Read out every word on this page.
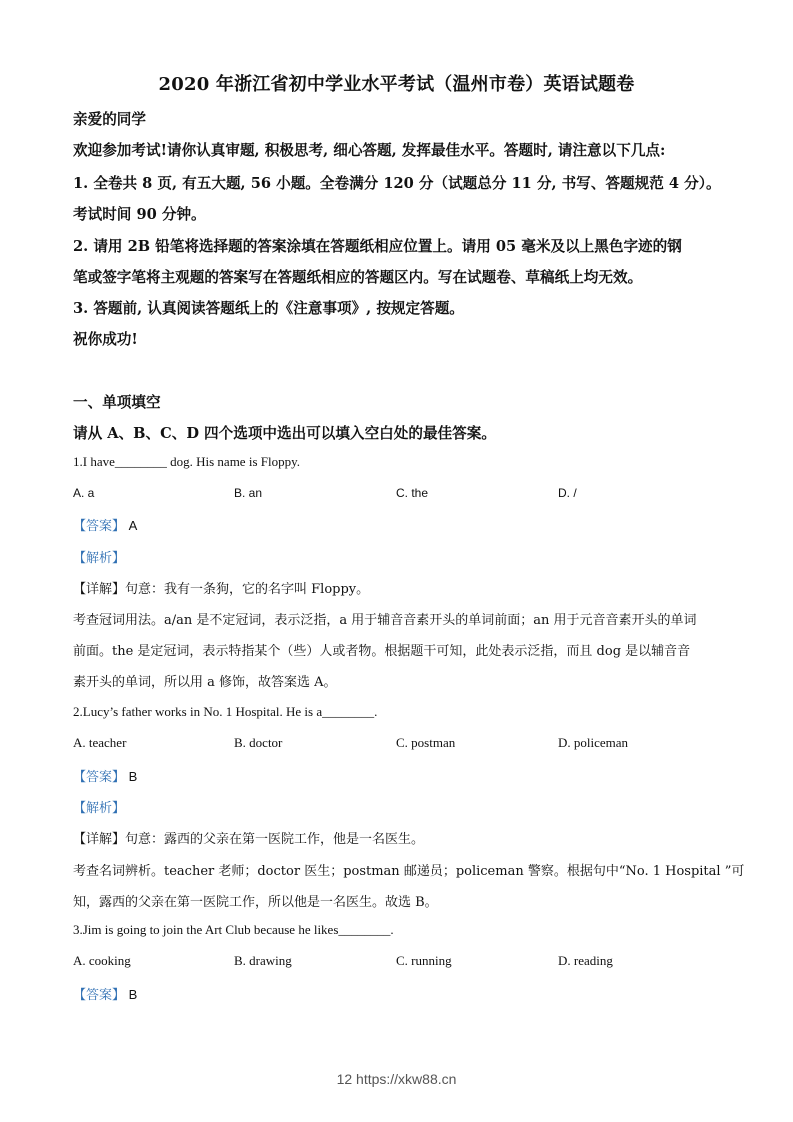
2020 年浙江省初中学业水平考试（温州市卷）英语试题卷
亲爱的同学
欢迎参加考试!请你认真审题, 积极思考, 细心答题, 发挥最佳水平。答题时, 请注意以下几点:
1. 全卷共 8 页, 有五大题, 56 小题。全卷满分 120 分（试题总分 11 分, 书写、答题规范 4 分）。
考试时间 90 分钟。
2. 请用 2B 铅笔将选择题的答案涂填在答题纸相应位置上。请用 05 毫米及以上黑色字迹的钢
笔或签字笔将主观题的答案写在答题纸相应的答题区内。写在试题卷、草稿纸上均无效。
3. 答题前, 认真阅读答题纸上的《注意事项》, 按规定答题。
祝你成功!
一、单项填空
请从 A、B、C、D 四个选项中选出可以填入空白处的最佳答案。
1.I have________ dog. His name is Floppy.
A. a	B. an	C. the	D. /
【答案】 A
【解析】
【详解】句意：我有一条狗，它的名字叫 Floppy。
考查冠词用法。a/an 是不定冠词，表示泛指，a 用于辅音音素开头的单词前面；an 用于元音音素开头的单词
前面。the 是定冠词，表示特指某个（些）人或者物。根据题干可知，此处表示泛指，而且 dog 是以辅音音
素开头的单词，所以用 a 修饰，故答案选 A。
2.Lucy’s father works in No. 1 Hospital. He is a________.
A. teacher	B. doctor	C. postman	D. policeman
【答案】 B
【解析】
【详解】句意：露西的父亲在第一医院工作，他是一名医生。
考查名词辨析。teacher 老师；doctor 医生；postman 邮递员；policeman 警察。根据句中“No. 1 Hospital ”可
知，露西的父亲在第一医院工作，所以他是一名医生。故选 B。
3.Jim is going to join the Art Club because he likes________.
A. cooking	B. drawing	C. running	D. reading
【答案】 B
12 https://xkw88.cn
